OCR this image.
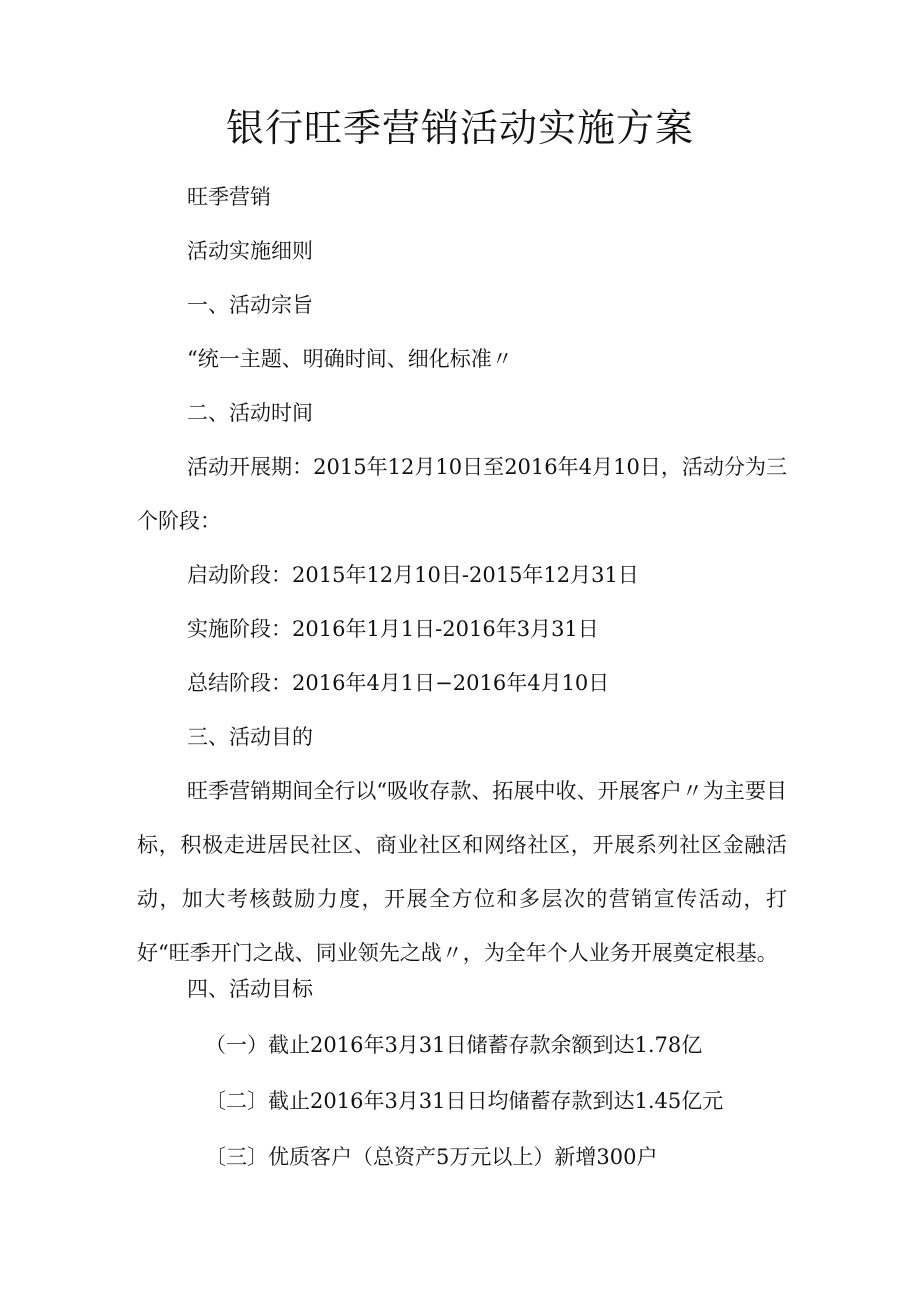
银行旺季营销活动实施方案

旺季营销

活动实施细则

一、活动宗旨

“统一主题、明确时间、细化标准〃

二、活动时间

活动开展期：2015年12月10日至2016年4月10日，活动分为三个阶段：

启动阶段：2015年12月10日-2015年12月31日

实施阶段：2016年1月1日-2016年3月31日

总结阶段：2016年4月1日−2016年4月10日

三、活动目的

旺季营销期间全行以“吸收存款、拓展中收、开展客户〃为主要目标，积极走进居民社区、商业社区和网络社区，开展系列社区金融活动，加大考核鼓励力度，开展全方位和多层次的营销宣传活动，打好“旺季开门之战、同业领先之战〃，为全年个人业务开展奠定根基。

四、活动目标

（一）截止2016年3月31日储蓄存款余额到达1.78亿

〔二〕截止2016年3月31日日均储蓄存款到达1.45亿元

〔三〕优质客户（总资产5万元以上）新增300户
